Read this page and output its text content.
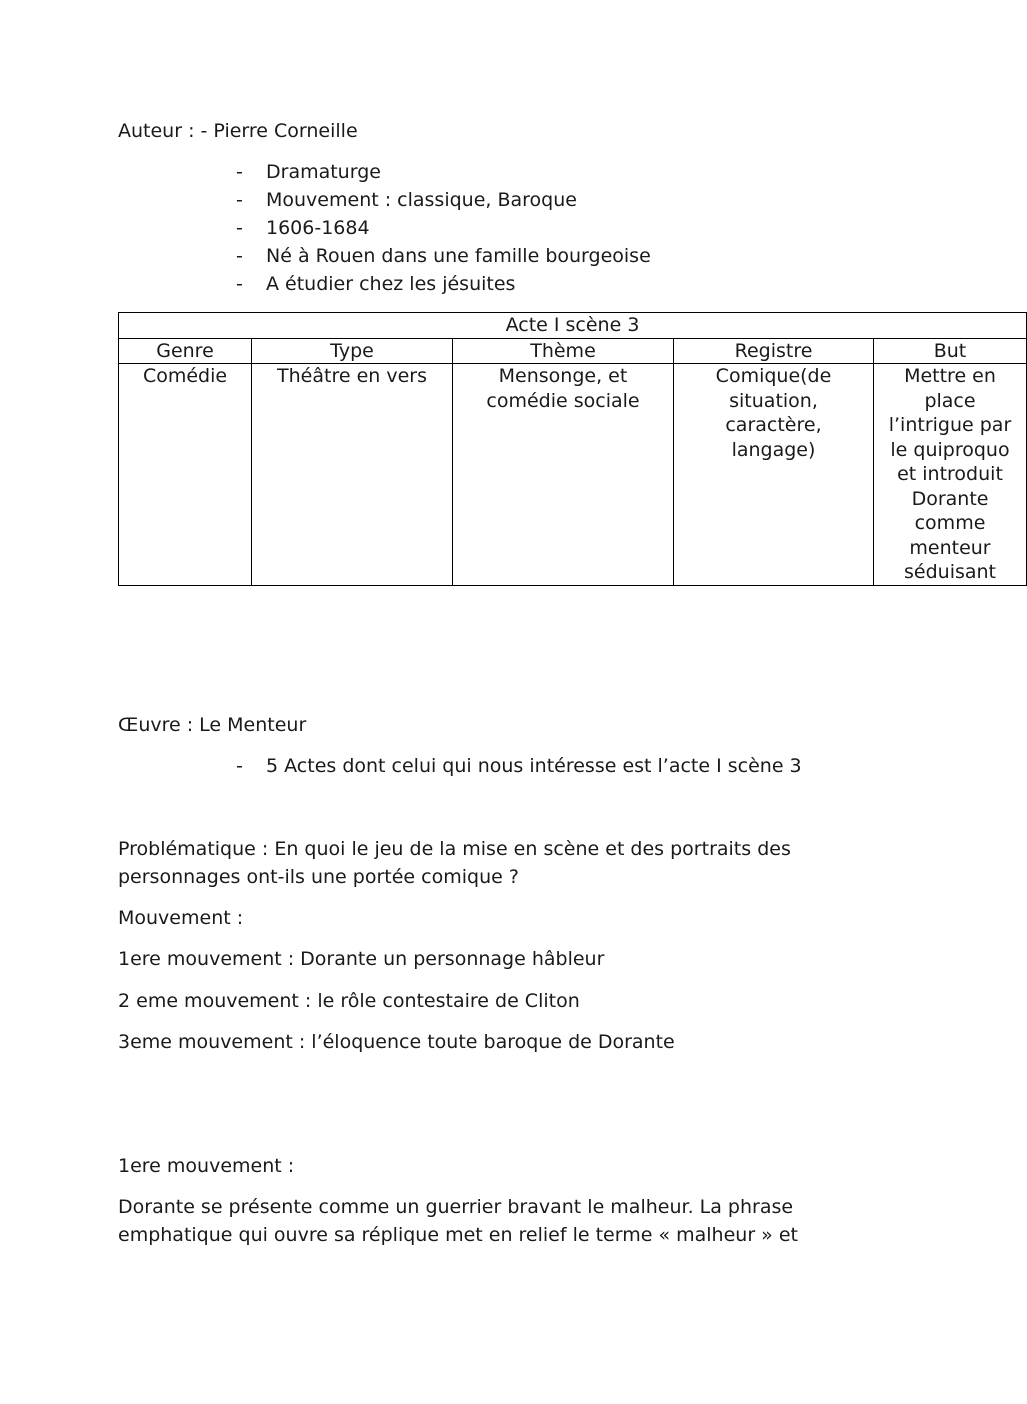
Auteur : - Pierre Corneille
- Dramaturge
- Mouvement : classique, Baroque
- 1606-1684
- Né à Rouen dans une famille bourgeoise
- A étudier chez les jésuites
Acte I scène 3				
Genre	Type	Thème	Registre	But
Comédie	Théâtre en vers	Mensonge, et comédie sociale	Comique(de situation, caractère, langage)	Mettre en place l’intrigue par le quiproquo et introduit Dorante comme menteur séduisant
Œuvre : Le Menteur
- 5 Actes dont celui qui nous intéresse est l’acte I scène 3
Problématique : En quoi le jeu de la mise en scène et des portraits des personnages ont-ils une portée comique ?
Mouvement :
1ere mouvement : Dorante un personnage hâbleur
2 eme mouvement : le rôle contestaire de Cliton
3eme mouvement : l’éloquence toute baroque de Dorante
1ere mouvement :
Dorante se présente comme un guerrier bravant le malheur. La phrase emphatique qui ouvre sa réplique met en relief le terme « malheur » et
